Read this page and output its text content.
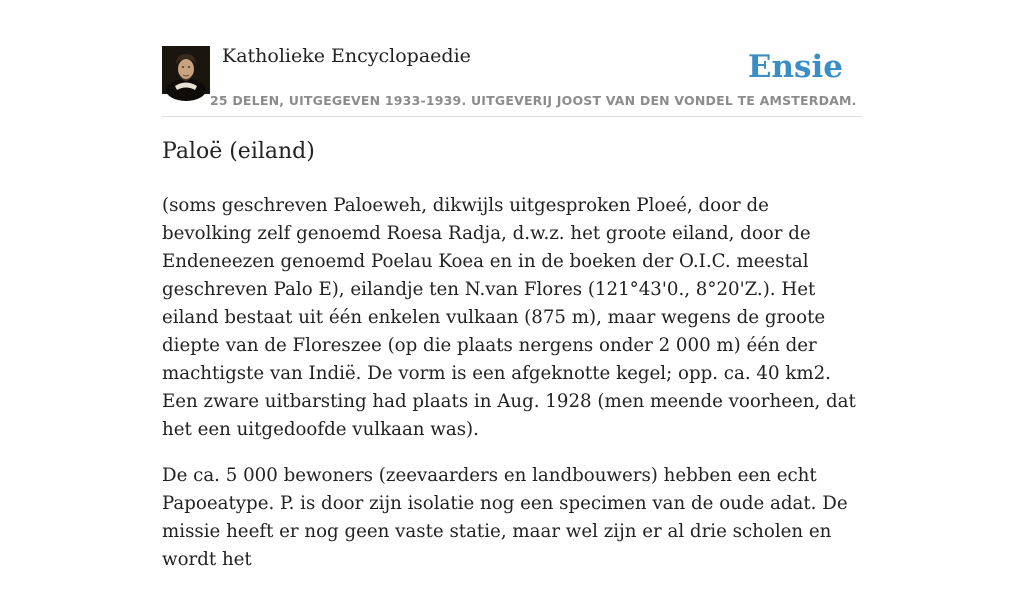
Katholieke Encyclopaedie
25 DELEN, UITGEGEVEN 1933-1939. UITGEVERIJ JOOST VAN DEN VONDEL TE AMSTERDAM.
Ensie
Paloë (eiland)

(soms geschreven Paloeweh, dikwijls uitgesproken Ploeé, door de bevolking zelf genoemd Roesa Radja, d.w.z. het groote eiland, door de Endeneezen genoemd Poelau Koea en in de boeken der O.I.C. meestal geschreven Palo E), eilandje ten N.van Flores (121°43'0., 8°20'Z.). Het eiland bestaat uit één enkelen vulkaan (875 m), maar wegens de groote diepte van de Floreszee (op die plaats nergens onder 2 000 m) één der machtigste van Indië. De vorm is een afgeknotte kegel; opp. ca. 40 km2. Een zware uitbarsting had plaats in Aug. 1928 (men meende voorheen, dat het een uitgedoofde vulkaan was).

De ca. 5 000 bewoners (zeevaarders en landbouwers) hebben een echt Papoeatype. P. is door zijn isolatie nog een specimen van de oude adat. De missie heeft er nog geen vaste statie, maar wel zijn er al drie scholen en wordt het
